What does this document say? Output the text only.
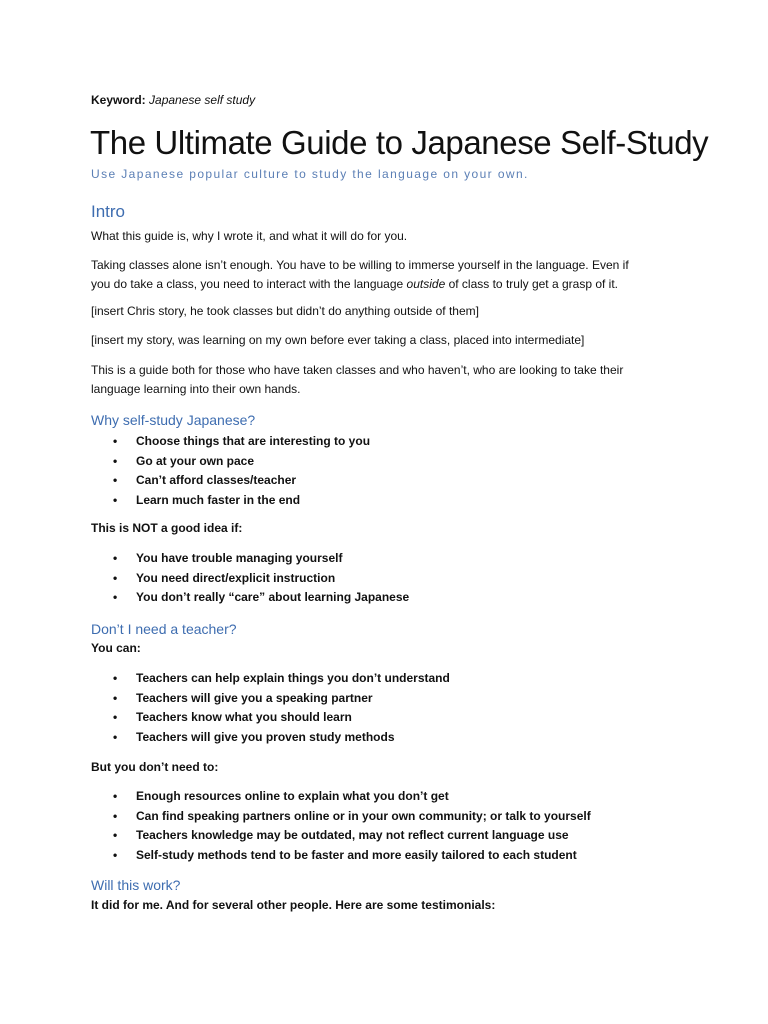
Keyword: Japanese self study
The Ultimate Guide to Japanese Self-Study
Use Japanese popular culture to study the language on your own.
Intro

What this guide is, why I wrote it, and what it will do for you.

Taking classes alone isn’t enough. You have to be willing to immerse yourself in the language. Even if
you do take a class, you need to interact with the language outside of class to truly get a grasp of it.

[insert Chris story, he took classes but didn’t do anything outside of them]

[insert my story, was learning on my own before ever taking a class, placed into intermediate]

This is a guide both for those who have taken classes and who haven’t, who are looking to take their
language learning into their own hands.

Why self-study Japanese?
• Choose things that are interesting to you
• Go at your own pace
• Can’t afford classes/teacher
• Learn much faster in the end

This is NOT a good idea if:

• You have trouble managing yourself
• You need direct/explicit instruction
• You don’t really “care” about learning Japanese
Don’t I need a teacher?

You can:

• Teachers can help explain things you don’t understand
• Teachers will give you a speaking partner
• Teachers know what you should learn
• Teachers will give you proven study methods

But you don’t need to:

• Enough resources online to explain what you don’t get
• Can find speaking partners online or in your own community; or talk to yourself
• Teachers knowledge may be outdated, may not reflect current language use
• Self-study methods tend to be faster and more easily tailored to each student
Will this work?

It did for me. And for several other people. Here are some testimonials:
